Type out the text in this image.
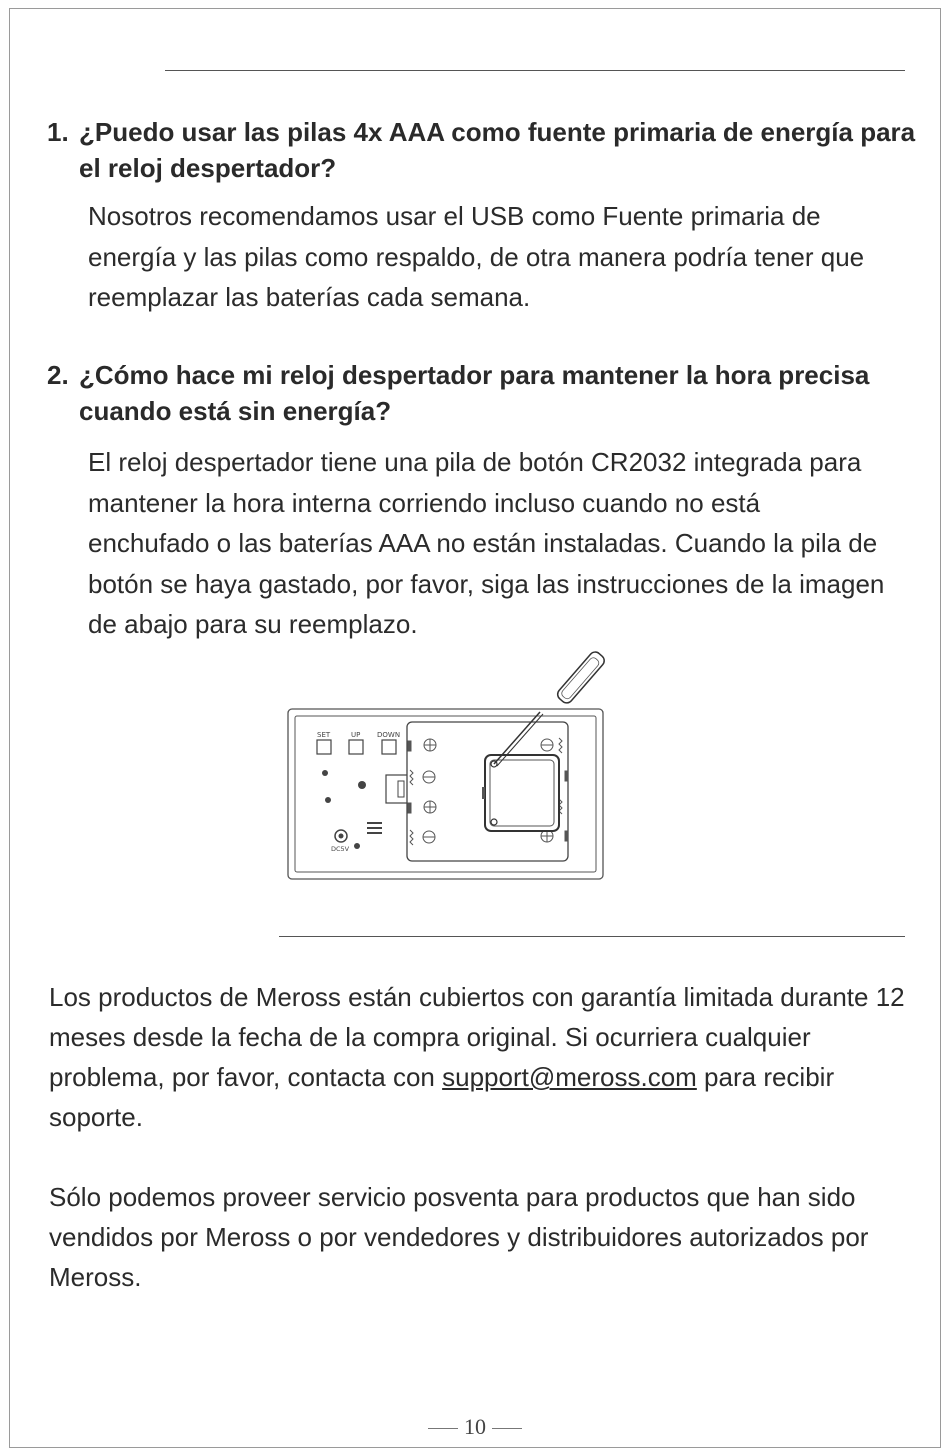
1. ¿Puedo usar las pilas 4x AAA como fuente primaria de energía para el reloj despertador?
Nosotros recomendamos usar el USB como Fuente primaria de energía y las pilas como respaldo, de otra manera podría tener que reemplazar las baterías cada semana.
2. ¿Cómo hace mi reloj despertador para mantener la hora precisa cuando está sin energía?
El reloj despertador tiene una pila de botón CR2032 integrada para mantener la hora interna corriendo incluso cuando no está enchufado o las baterías AAA no están instaladas. Cuando la pila de botón se haya gastado, por favor, siga las instrucciones de la imagen de abajo para su reemplazo.
SET	UP DOWN
DC5V
Los productos de Meross están cubiertos con garantía limitada durante 12 meses desde la fecha de la compra original. Si ocurriera cualquier problema, por favor, contacta con support@meross.com para recibir soporte.
Sólo podemos proveer servicio posventa para productos que han sido vendidos por Meross o por vendedores y distribuidores autorizados por Meross.
10
